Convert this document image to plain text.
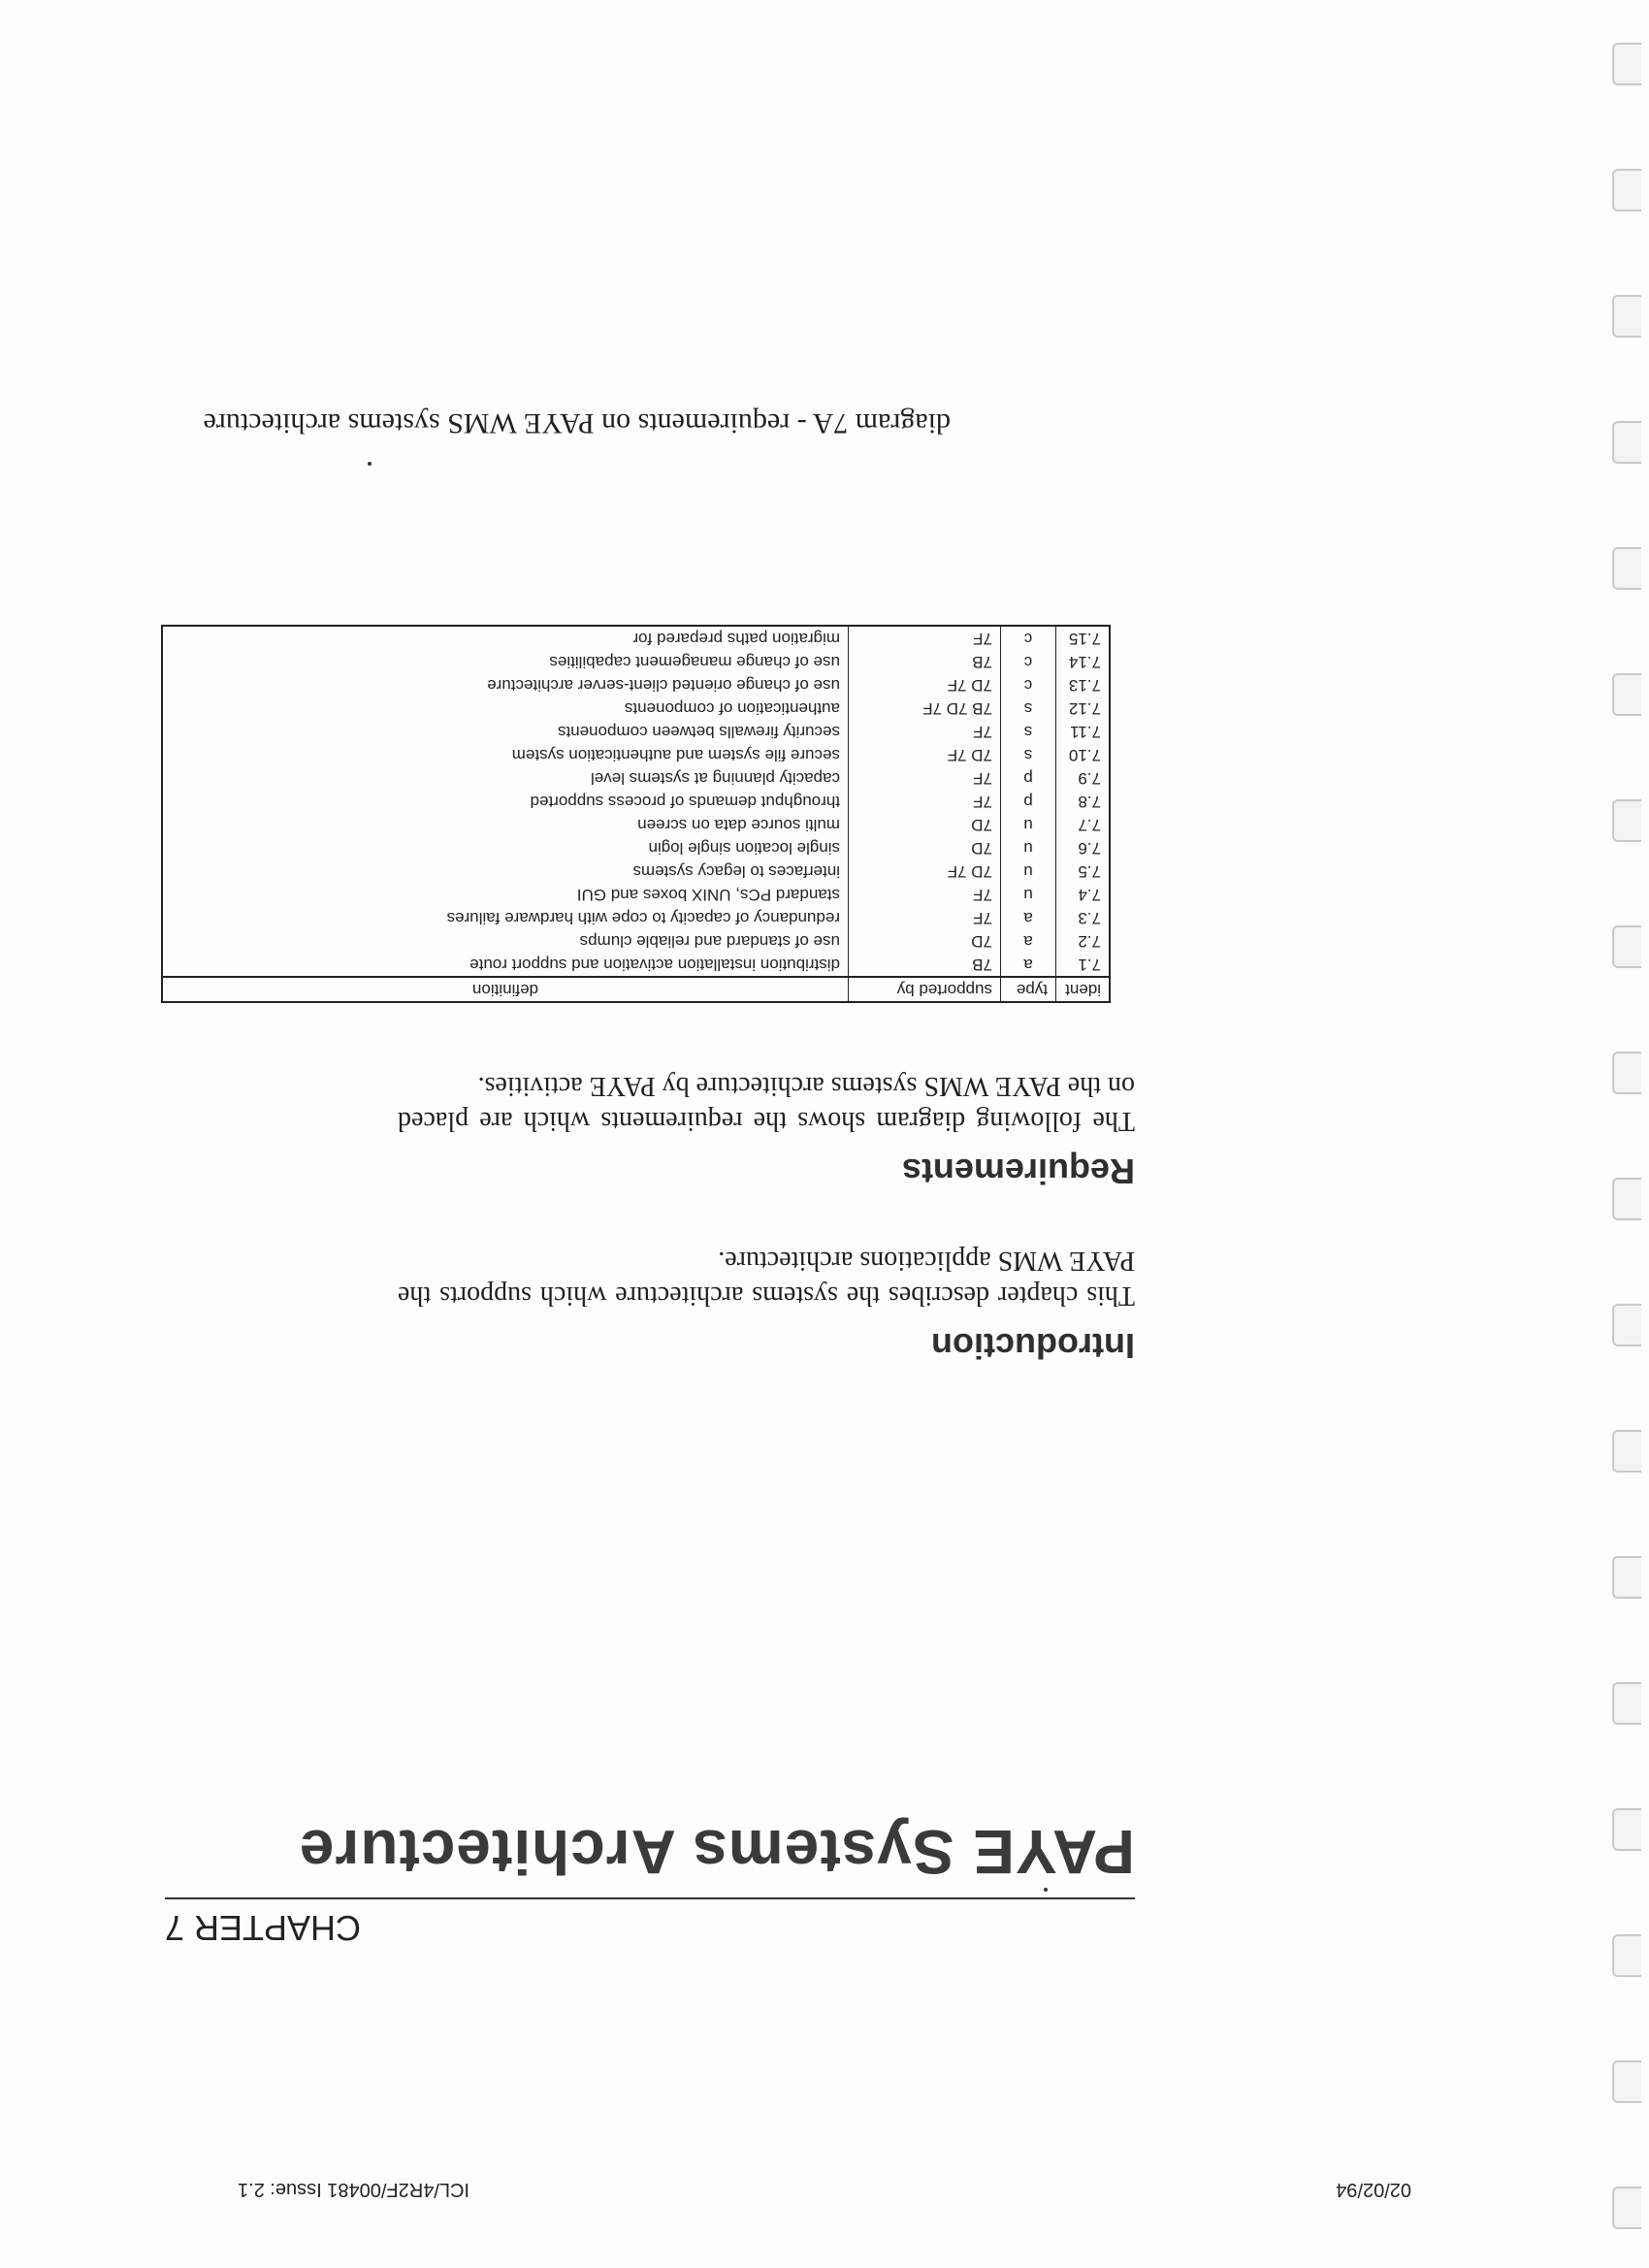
02/02/94
ICL/4R2F/00481 Issue: 2.1
CHAPTER 7
PAYE Systems Architecture
Introduction
This chapter describes the systems architecture which supports the PAYE WMS applications architecture.
Requirements
The following diagram shows the requirements which are placed on the PAYE WMS systems architecture by PAYE activities.
ident	type	supported by	definition
7.1	a	7B	distribution installation activation and support route
7.2	a	7D	use of standard and reliable clumps
7.3	a	7F	redundancy of capacity to cope with hardware failures
7.4	u	7F	standard PCs, UNIX boxes and GUI
7.5	u	7D 7F	interfaces to legacy systems
7.6	u	7D	single location single login
7.7	u	7D	multi source data on screen
7.8	p	7F	throughput demands of process supported
7.9	p	7F	capacity planning at systems level
7.10	s	7D 7F	secure file system and authentication system
7.11	s	7F	security firewalls between components
7.12	s	7B 7D 7F	authentication of components
7.13	c	7D 7F	use of change oriented client-server architecture
7.14	c	7B	use of change management capabilities
7.15	c	7F	migration paths prepared for
diagram 7A - requirements on PAYE WMS systems architecture
